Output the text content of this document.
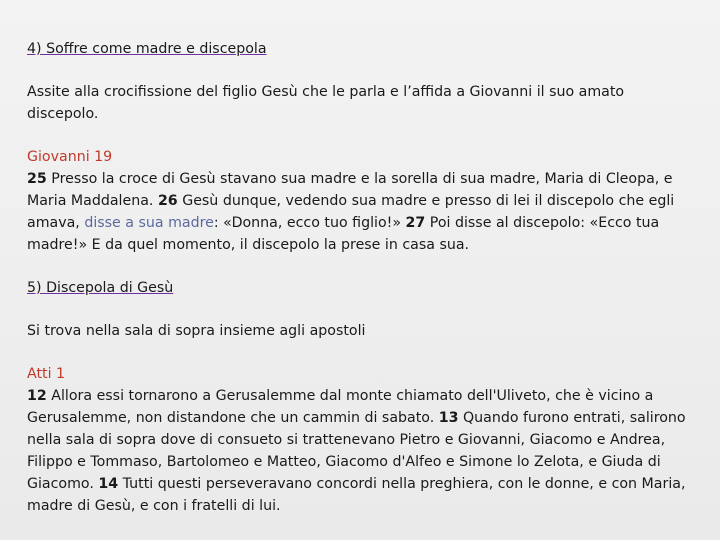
4) Soffre come madre e discepola

Assite alla crocifissione del figlio Gesù che le parla e l’affida a Giovanni il suo amato discepolo.

Giovanni 19

25 Presso la croce di Gesù stavano sua madre e la sorella di sua madre, Maria di Cleopa, e Maria Maddalena. 26 Gesù dunque, vedendo sua madre e presso di lei il discepolo che egli amava, disse a sua madre: «Donna, ecco tuo figlio!» 27 Poi disse al discepolo: «Ecco tua madre!» E da quel momento, il discepolo la prese in casa sua.

5) Discepola di Gesù

Si trova nella sala di sopra insieme agli apostoli

Atti 1

12 Allora essi tornarono a Gerusalemme dal monte chiamato dell'Uliveto, che è vicino a Gerusalemme, non distandone che un cammin di sabato. 13 Quando furono entrati, salirono nella sala di sopra dove di consueto si trattenevano Pietro e Giovanni, Giacomo e Andrea, Filippo e Tommaso, Bartolomeo e Matteo, Giacomo d'Alfeo e Simone lo Zelota, e Giuda di Giacomo. 14 Tutti questi perseveravano concordi nella preghiera, con le donne, e con Maria, madre di Gesù, e con i fratelli di lui.
